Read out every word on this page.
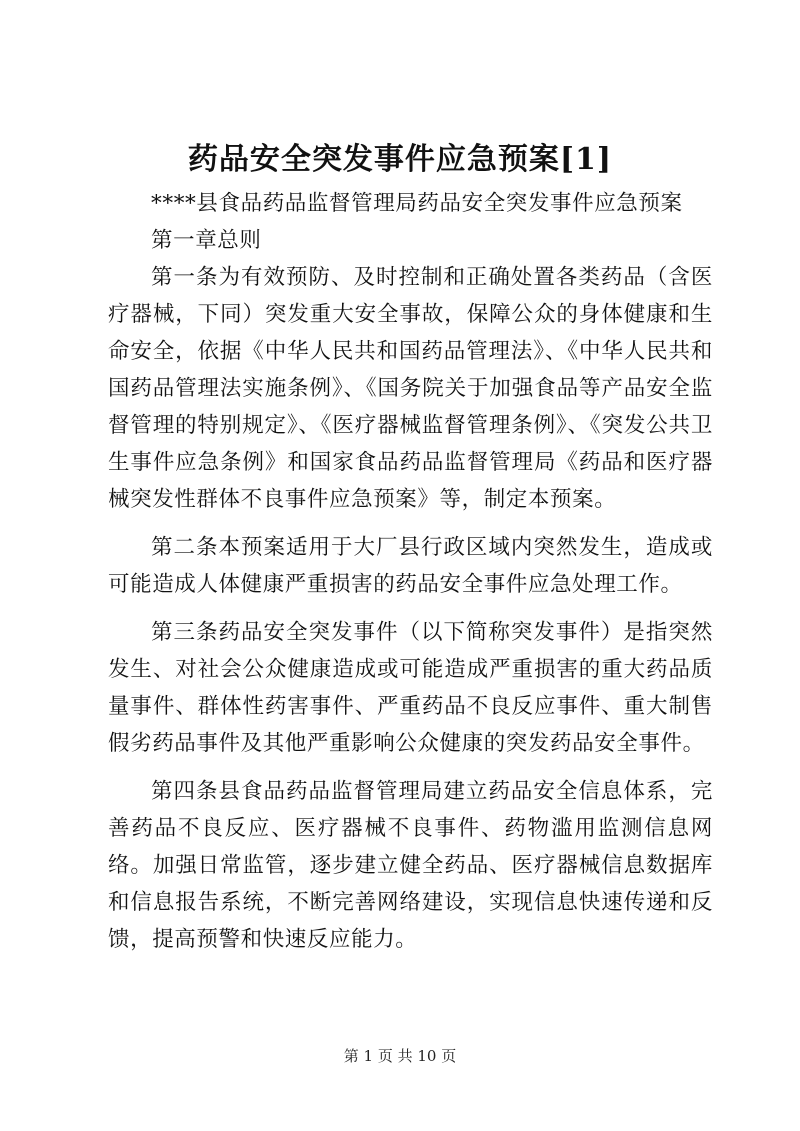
药品安全突发事件应急预案[1]

****县食品药品监督管理局药品安全突发事件应急预案

第一章总则

第一条为有效预防、及时控制和正确处置各类药品（含医疗器械，下同）突发重大安全事故，保障公众的身体健康和生命安全，依据《中华人民共和国药品管理法》、《中华人民共和国药品管理法实施条例》、《国务院关于加强食品等产品安全监督管理的特别规定》、《医疗器械监督管理条例》、《突发公共卫生事件应急条例》和国家食品药品监督管理局《药品和医疗器械突发性群体不良事件应急预案》等，制定本预案。

第二条本预案适用于大厂县行政区域内突然发生，造成或可能造成人体健康严重损害的药品安全事件应急处理工作。

第三条药品安全突发事件（以下简称突发事件）是指突然发生、对社会公众健康造成或可能造成严重损害的重大药品质量事件、群体性药害事件、严重药品不良反应事件、重大制售假劣药品事件及其他严重影响公众健康的突发药品安全事件。

第四条县食品药品监督管理局建立药品安全信息体系，完善药品不良反应、医疗器械不良事件、药物滥用监测信息网络。加强日常监管，逐步建立健全药品、医疗器械信息数据库和信息报告系统，不断完善网络建设，实现信息快速传递和反馈，提高预警和快速反应能力。

第 1 页 共 10 页
